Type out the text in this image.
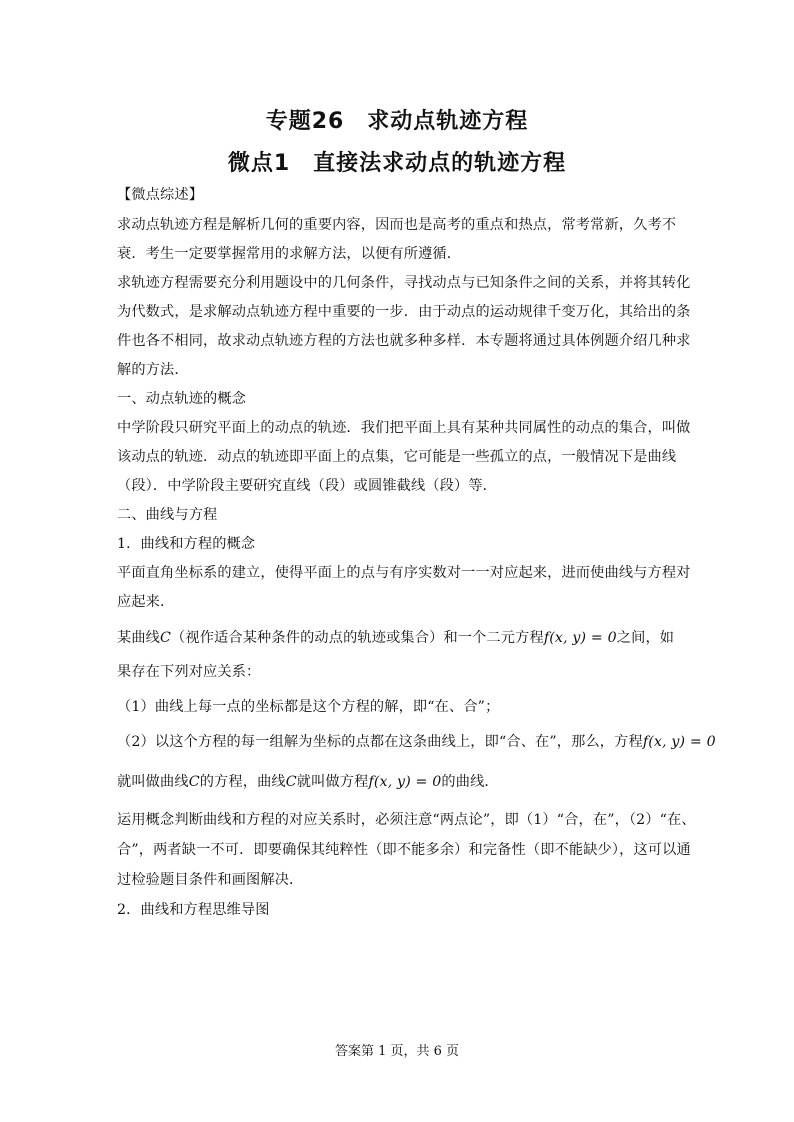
专题26　求动点轨迹方程
微点1　直接法求动点的轨迹方程
【微点综述】
求动点轨迹方程是解析几何的重要内容，因而也是高考的重点和热点，常考常新，久考不
衰．考生一定要掌握常用的求解方法，以便有所遵循．
求轨迹方程需要充分利用题设中的几何条件，寻找动点与已知条件之间的关系，并将其转化
为代数式，是求解动点轨迹方程中重要的一步．由于动点的运动规律千变万化，其给出的条
件也各不相同，故求动点轨迹方程的方法也就多种多样．本专题将通过具体例题介绍几种求
解的方法．
一、动点轨迹的概念
中学阶段只研究平面上的动点的轨迹．我们把平面上具有某种共同属性的动点的集合，叫做
该动点的轨迹．动点的轨迹即平面上的点集，它可能是一些孤立的点，一般情况下是曲线
（段）．中学阶段主要研究直线（段）或圆锥截线（段）等．
二、曲线与方程
1．曲线和方程的概念
平面直角坐标系的建立，使得平面上的点与有序实数对一一对应起来，进而使曲线与方程对
应起来．
某曲线C（视作适合某种条件的动点的轨迹或集合）和一个二元方程f(x, y) = 0之间，如
果存在下列对应关系：
（1）曲线上每一点的坐标都是这个方程的解，即“在、合”；
（2）以这个方程的每一组解为坐标的点都在这条曲线上，即“合、在”，那么，方程f(x, y) = 0
就叫做曲线C的方程，曲线C就叫做方程f(x, y) = 0的曲线．
运用概念判断曲线和方程的对应关系时，必须注意“两点论”，即（1）“合，在”，（2）“在、
合”，两者缺一不可．即要确保其纯粹性（即不能多余）和完备性（即不能缺少），这可以通
过检验题目条件和画图解决．
2．曲线和方程思维导图
答案第 1 页，共 6 页
